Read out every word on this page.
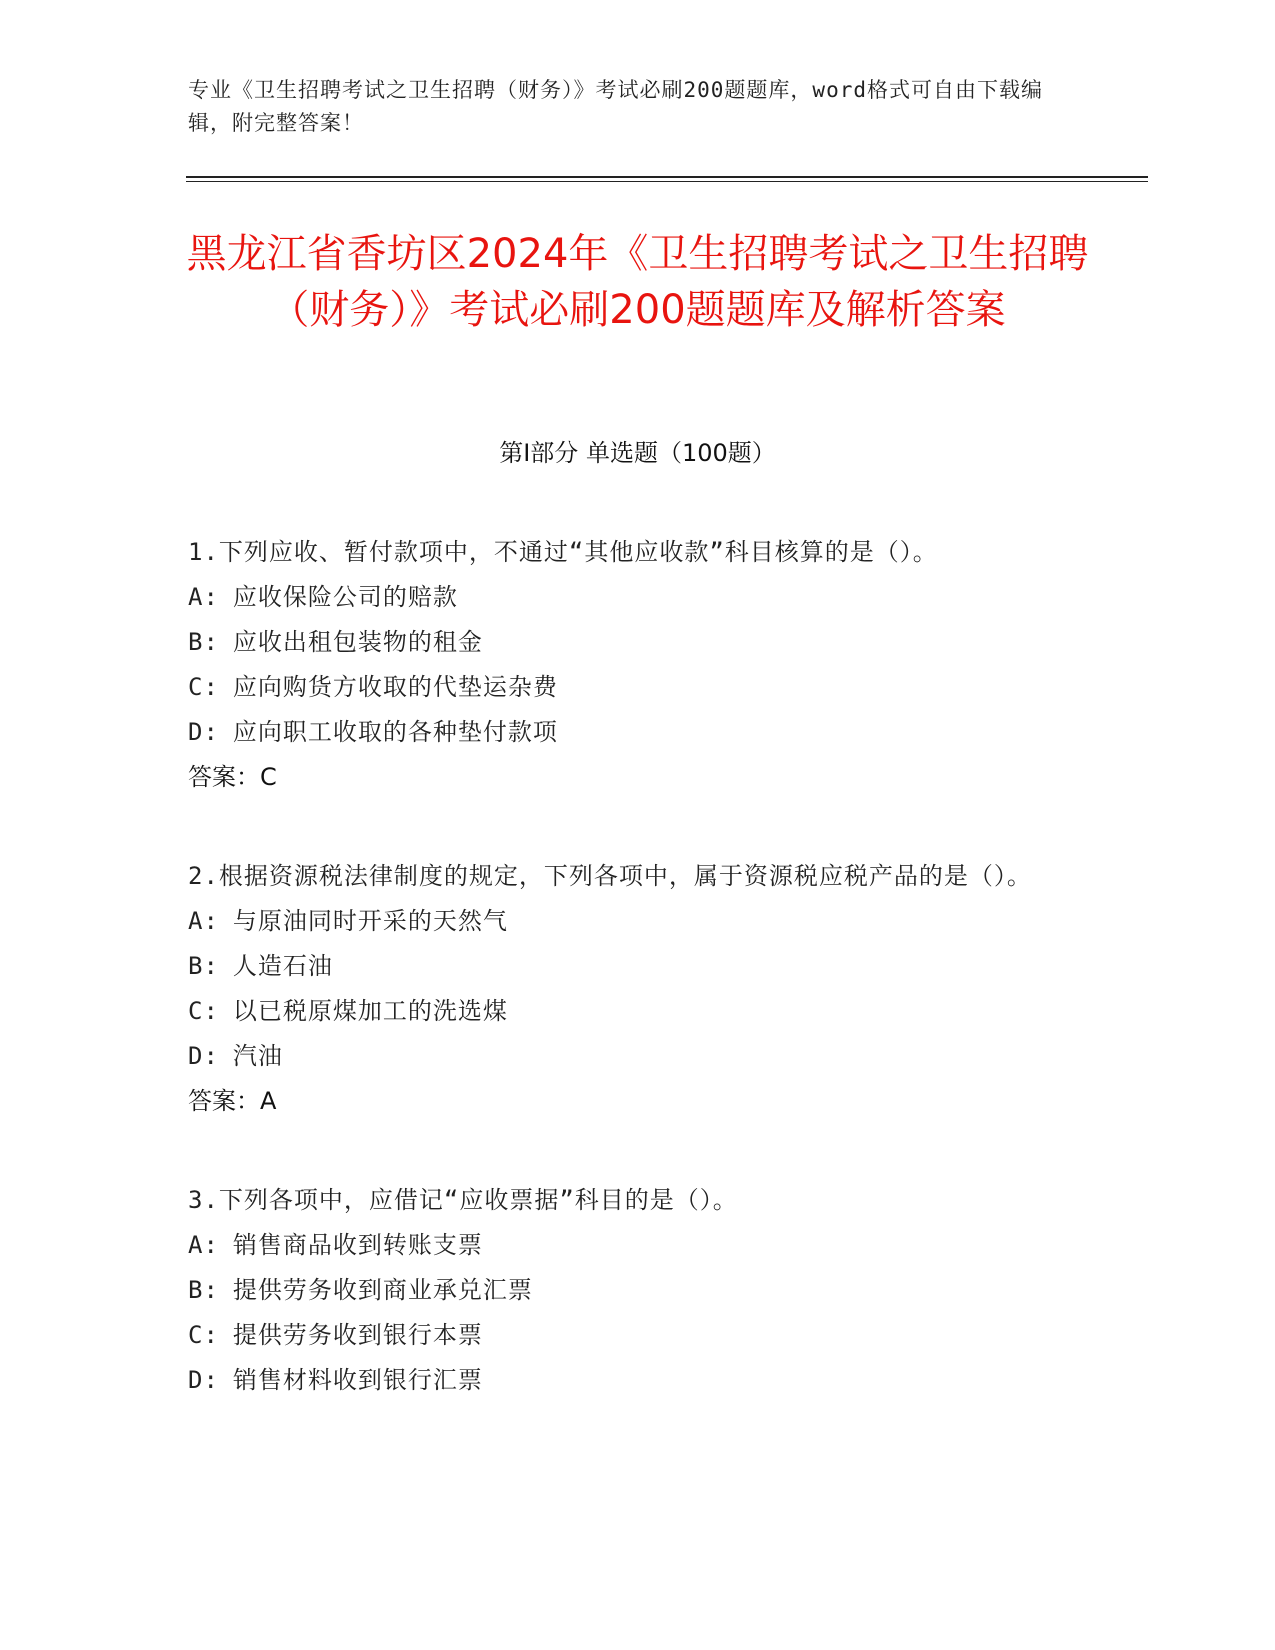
专业《卫生招聘考试之卫生招聘（财务）》考试必刷200题题库，word格式可自由下载编辑，附完整答案！
黑龙江省香坊区2024年《卫生招聘考试之卫生招聘（财务）》考试必刷200题题库及解析答案
第Ⅰ部分 单选题（100题）
1.下列应收、暂付款项中，不通过“其他应收款”科目核算的是（）。
A: 应收保险公司的赔款
B: 应收出租包装物的租金
C: 应向购货方收取的代垫运杂费
D: 应向职工收取的各种垫付款项
答案：C
2.根据资源税法律制度的规定，下列各项中，属于资源税应税产品的是（）。
A: 与原油同时开采的天然气
B: 人造石油
C: 以已税原煤加工的洗选煤
D: 汽油
答案：A
3.下列各项中，应借记“应收票据”科目的是（）。
A: 销售商品收到转账支票
B: 提供劳务收到商业承兑汇票
C: 提供劳务收到银行本票
D: 销售材料收到银行汇票
